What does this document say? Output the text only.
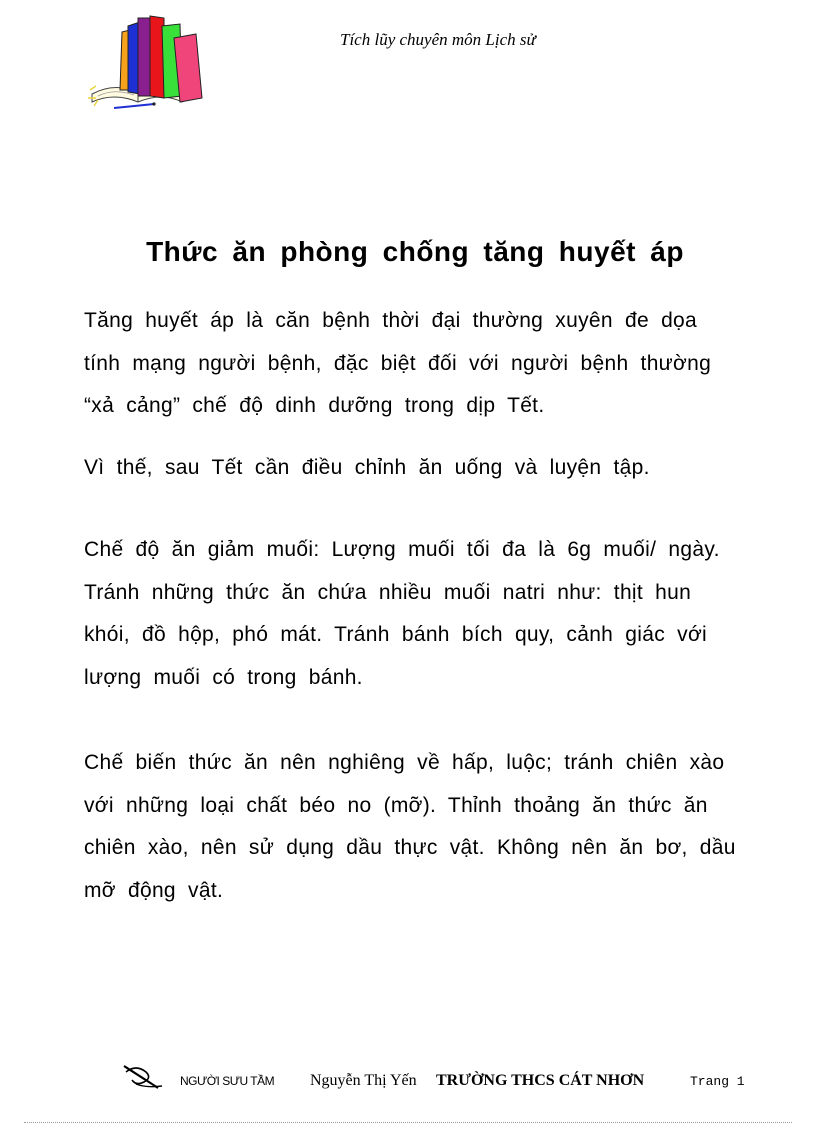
Tích lũy chuyên môn Lịch sử
Thức ăn phòng chống tăng huyết áp

Tăng huyết áp là căn bệnh thời đại thường xuyên đe dọa tính mạng người bệnh, đặc biệt đối với người bệnh thường “xả cảng” chế độ dinh dưỡng trong dịp Tết.

Vì thế, sau Tết cần điều chỉnh ăn uống và luyện tập.

Chế độ ăn giảm muối: Lượng muối tối đa là 6g muối/ ngày. Tránh những thức ăn chứa nhiều muối natri như: thịt hun khói, đồ hộp, phó mát. Tránh bánh bích quy, cảnh giác với lượng muối có trong bánh.

Chế biến thức ăn nên nghiêng về hấp, luộc; tránh chiên xào với những loại chất béo no (mỡ). Thỉnh thoảng ăn thức ăn chiên xào, nên sử dụng dầu thực vật. Không nên ăn bơ, dầu mỡ động vật.

NGƯỜI SƯU TẦM Nguyễn Thị Yến TRƯỜNG THCS CÁT NHƠN	Trang 1
